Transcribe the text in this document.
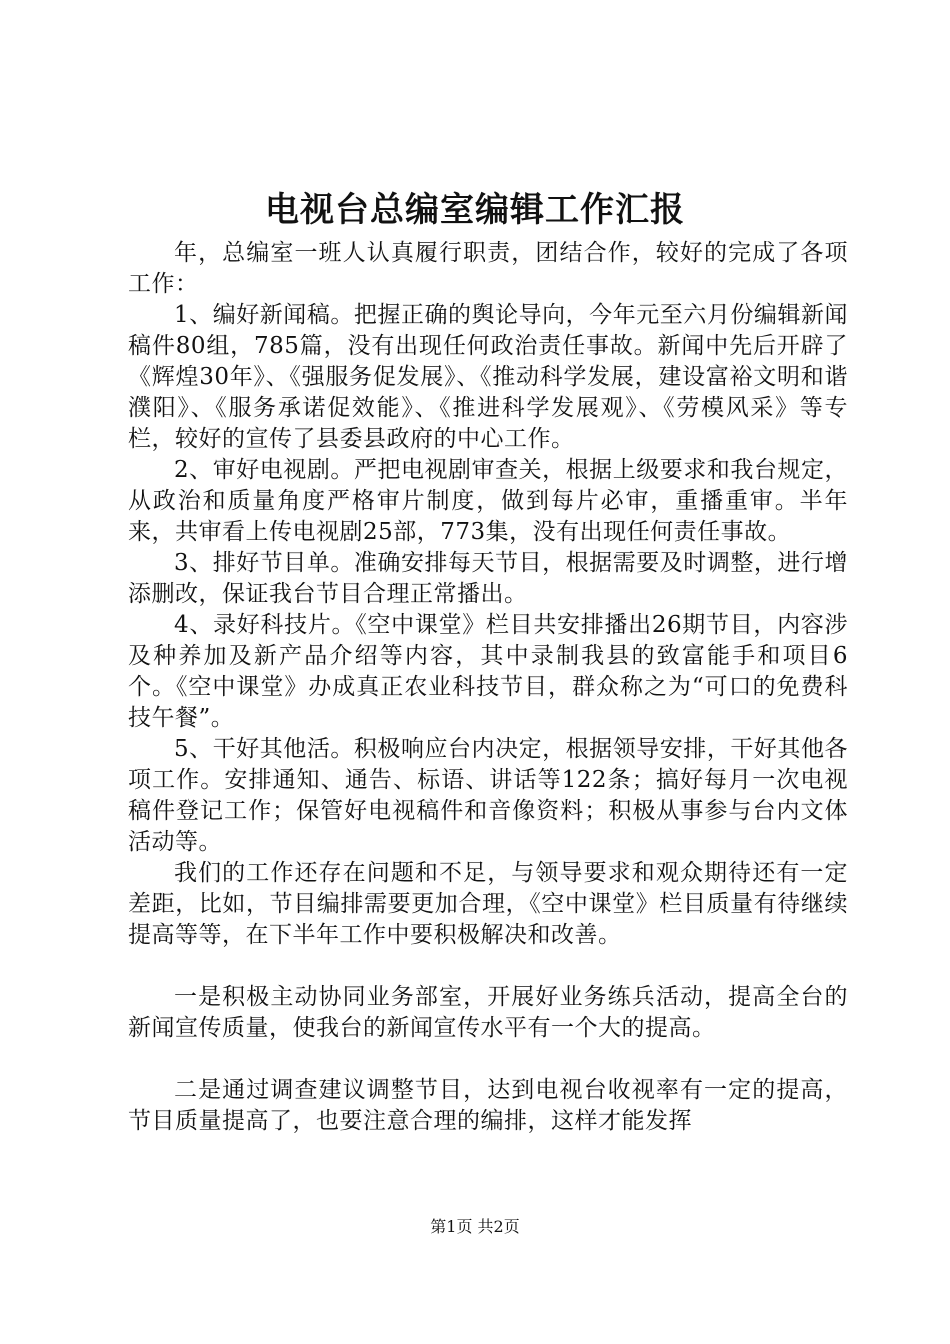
电视台总编室编辑工作汇报

年，总编室一班人认真履行职责，团结合作，较好的完成了各项工作：

1、编好新闻稿。把握正确的舆论导向，今年元至六月份编辑新闻稿件80组，785篇，没有出现任何政治责任事故。新闻中先后开辟了《辉煌30年》、《强服务促发展》、《推动科学发展，建设富裕文明和谐濮阳》、《服务承诺促效能》、《推进科学发展观》、《劳模风采》等专栏，较好的宣传了县委县政府的中心工作。

2、审好电视剧。严把电视剧审查关，根据上级要求和我台规定，从政治和质量角度严格审片制度，做到每片必审，重播重审。半年来，共审看上传电视剧25部，773集，没有出现任何责任事故。

3、排好节目单。准确安排每天节目，根据需要及时调整，进行增添删改，保证我台节目合理正常播出。

4、录好科技片。《空中课堂》栏目共安排播出26期节目，内容涉及种养加及新产品介绍等内容，其中录制我县的致富能手和项目6个。《空中课堂》办成真正农业科技节目，群众称之为“可口的免费科技午餐”。

5、干好其他活。积极响应台内决定，根据领导安排，干好其他各项工作。安排通知、通告、标语、讲话等122条；搞好每月一次电视稿件登记工作；保管好电视稿件和音像资料；积极从事参与台内文体活动等。

我们的工作还存在问题和不足，与领导要求和观众期待还有一定差距，比如，节目编排需要更加合理，《空中课堂》栏目质量有待继续提高等等，在下半年工作中要积极解决和改善。

一是积极主动协同业务部室，开展好业务练兵活动，提高全台的新闻宣传质量，使我台的新闻宣传水平有一个大的提高。

二是通过调查建议调整节目，达到电视台收视率有一定的提高，节目质量提高了，也要注意合理的编排，这样才能发挥

第1页 共2页
